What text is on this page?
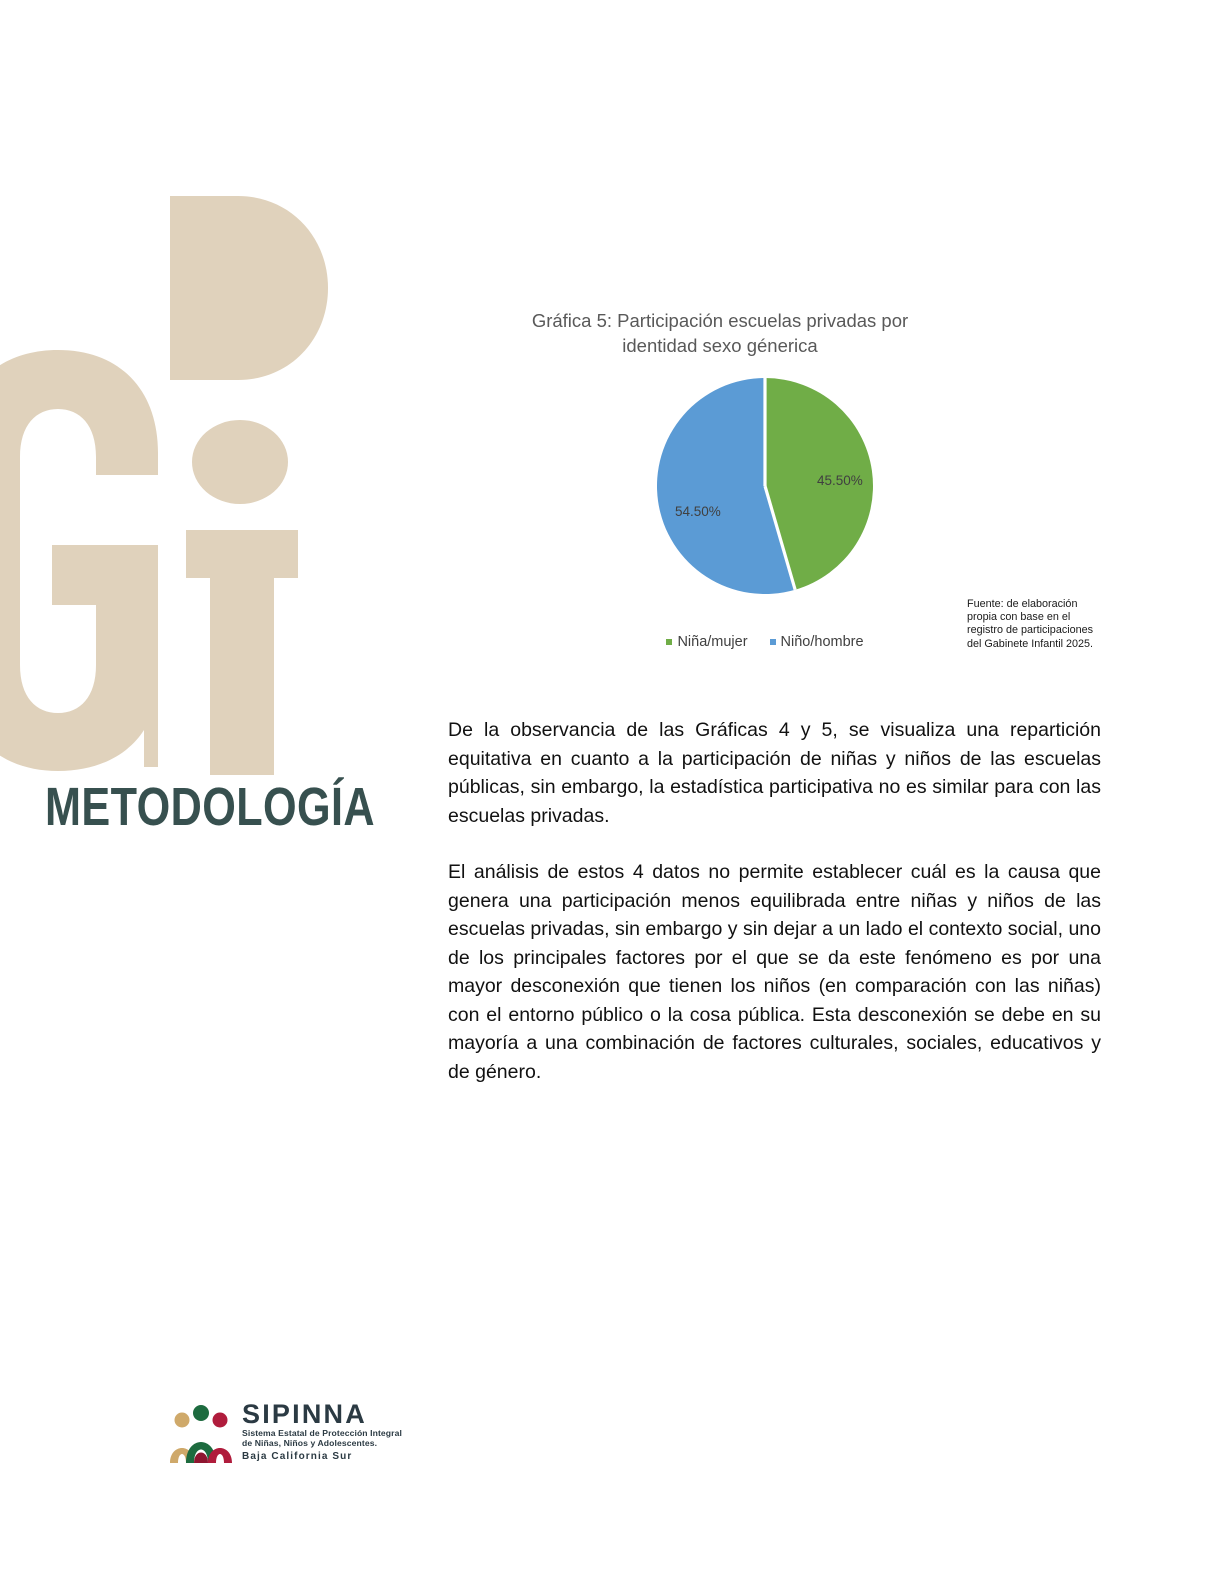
METODOLOGÍA
Gráfica 5: Participación escuelas privadas por
identidad sexo génerica
45.50%
54.50%
Niña/mujer Niño/hombre
Fuente: de elaboración
propia con base en el
registro de participaciones
del Gabinete Infantil 2025.

De la observancia de las Gráficas 4 y 5, se visualiza una repartición equitativa en cuanto a la participación de niñas y niños de las escuelas públicas, sin embargo, la estadística participativa no es similar para con las escuelas privadas.

El análisis de estos 4 datos no permite establecer cuál es la causa que genera una participación menos equilibrada entre niñas y niños de las escuelas privadas, sin embargo y sin dejar a un lado el contexto social, uno de los principales factores por el que se da este fenómeno es por una mayor desconexión que tienen los niños (en comparación con las niñas) con el entorno público o la cosa pública. Esta desconexión se debe en su mayoría a una combinación de factores culturales, sociales, educativos y de género.

SIPINNA
Sistema Estatal de Protección Integral
de Niñas, Niños y Adolescentes.
Baja California Sur
